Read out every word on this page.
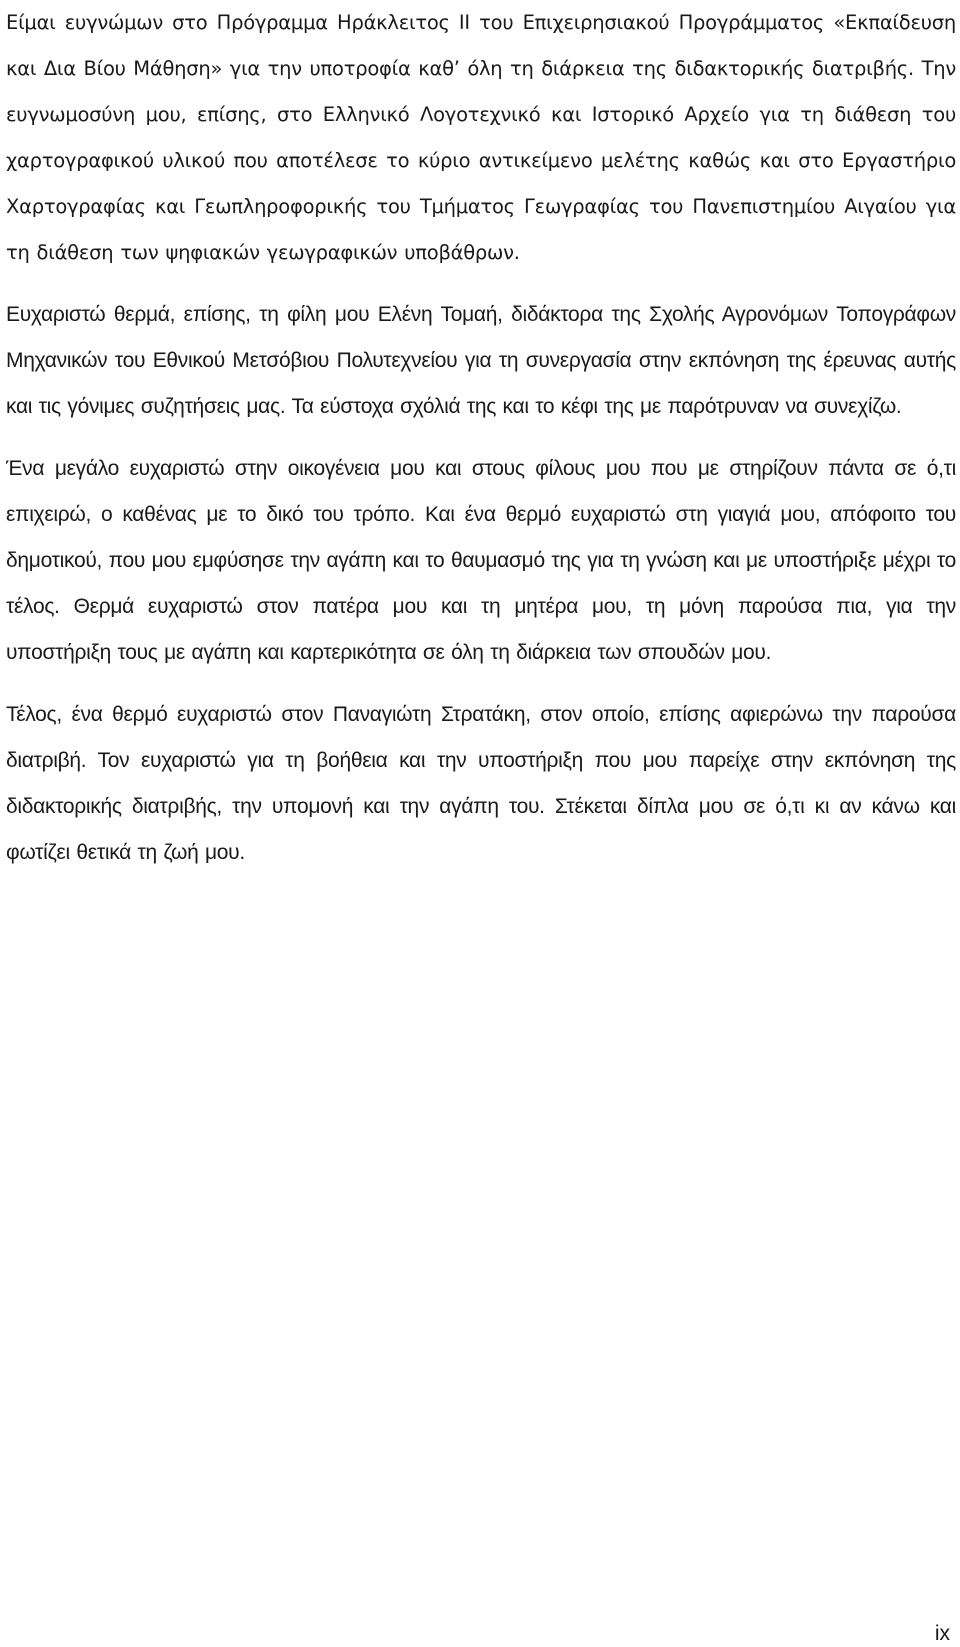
Είμαι ευγνώμων στο Πρόγραμμα Ηράκλειτος ΙΙ του Επιχειρησιακού Προγράμματος «Εκπαίδευση και Δια Βίου Μάθηση» για την υποτροφία καθ’ όλη τη διάρκεια της διδακτορικής διατριβής. Την ευγνωμοσύνη μου, επίσης, στο Ελληνικό Λογοτεχνικό και Ιστορικό Αρχείο για τη διάθεση του χαρτογραφικού υλικού που αποτέλεσε το κύριο αντικείμενο μελέτης καθώς και στο Εργαστήριο Χαρτογραφίας και Γεωπληροφορικής του Τμήματος Γεωγραφίας του Πανεπιστημίου Αιγαίου για τη διάθεση των ψηφιακών γεωγραφικών υποβάθρων.

Ευχαριστώ θερμά, επίσης, τη φίλη μου Ελένη Τομαή, διδάκτορα της Σχολής Αγρονόμων Τοπογράφων Μηχανικών του Εθνικού Μετσόβιου Πολυτεχνείου για τη συνεργασία στην εκπόνηση της έρευνας αυτής και τις γόνιμες συζητήσεις μας. Τα εύστοχα σχόλιά της και το κέφι της με παρότρυναν να συνεχίζω.

Ένα μεγάλο ευχαριστώ στην οικογένεια μου και στους φίλους μου που με στηρίζουν πάντα σε ό,τι επιχειρώ, ο καθένας με το δικό του τρόπο. Και ένα θερμό ευχαριστώ στη γιαγιά μου, απόφοιτο του δημοτικού, που μου εμφύσησε την αγάπη και το θαυμασμό της για τη γνώση και με υποστήριξε μέχρι το τέλος. Θερμά ευχαριστώ στον πατέρα μου και τη μητέρα μου, τη μόνη παρούσα πια, για την υποστήριξη τους με αγάπη και καρτερικότητα σε όλη τη διάρκεια των σπουδών μου.

Τέλος, ένα θερμό ευχαριστώ στον Παναγιώτη Στρατάκη, στον οποίο, επίσης αφιερώνω την παρούσα διατριβή. Τον ευχαριστώ για τη βοήθεια και την υποστήριξη που μου παρείχε στην εκπόνηση της διδακτορικής διατριβής, την υπομονή και την αγάπη του. Στέκεται δίπλα μου σε ό,τι κι αν κάνω και φωτίζει θετικά τη ζωή μου.

ix
